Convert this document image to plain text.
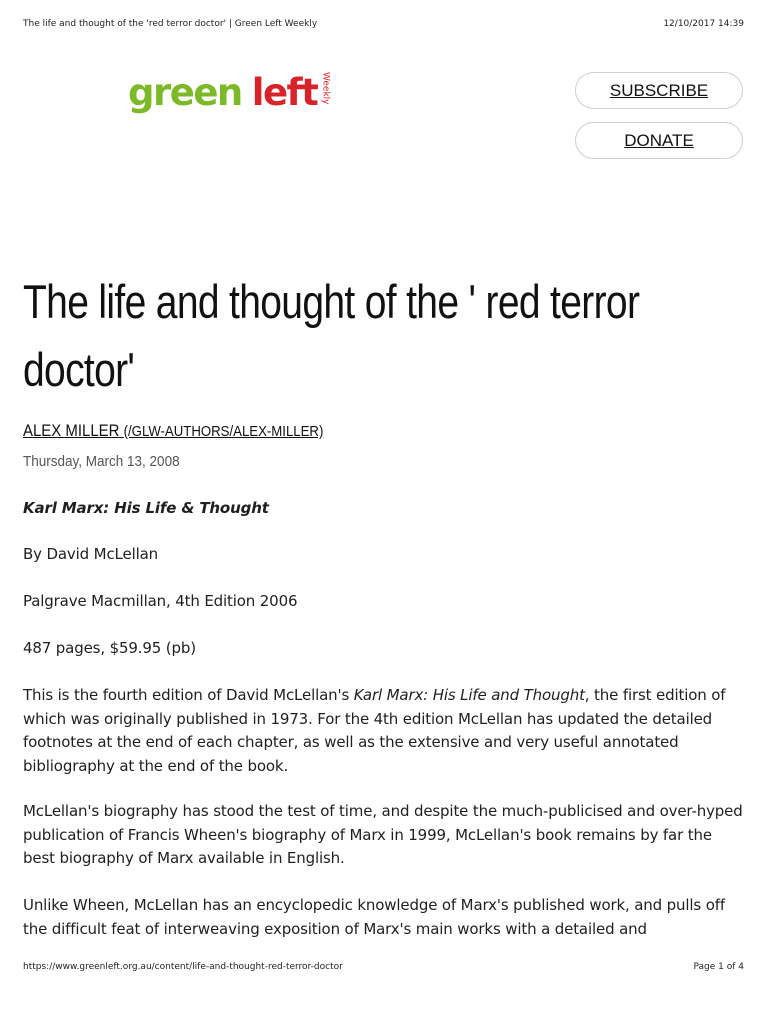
The life and thought of the 'red terror doctor' | Green Left Weekly	12/10/2017 14:39
green left Weekly	SUBSCRIBE
DONATE
The life and thought of the ' red terror doctor'
ALEX MILLER (/GLW-AUTHORS/ALEX-MILLER)
Thursday, March 13, 2008
Karl Marx: His Life & Thought
By David McLellan
Palgrave Macmillan, 4th Edition 2006
487 pages, $59.95 (pb)
This is the fourth edition of David McLellan's Karl Marx: His Life and Thought, the first edition of which was originally published in 1973. For the 4th edition McLellan has updated the detailed footnotes at the end of each chapter, as well as the extensive and very useful annotated bibliography at the end of the book.
McLellan's biography has stood the test of time, and despite the much-publicised and over-hyped publication of Francis Wheen's biography of Marx in 1999, McLellan's book remains by far the best biography of Marx available in English.
Unlike Wheen, McLellan has an encyclopedic knowledge of Marx's published work, and pulls off the difficult feat of interweaving exposition of Marx's main works with a detailed and
https://www.greenleft.org.au/content/life-and-thought-red-terror-doctor	Page 1 of 4
